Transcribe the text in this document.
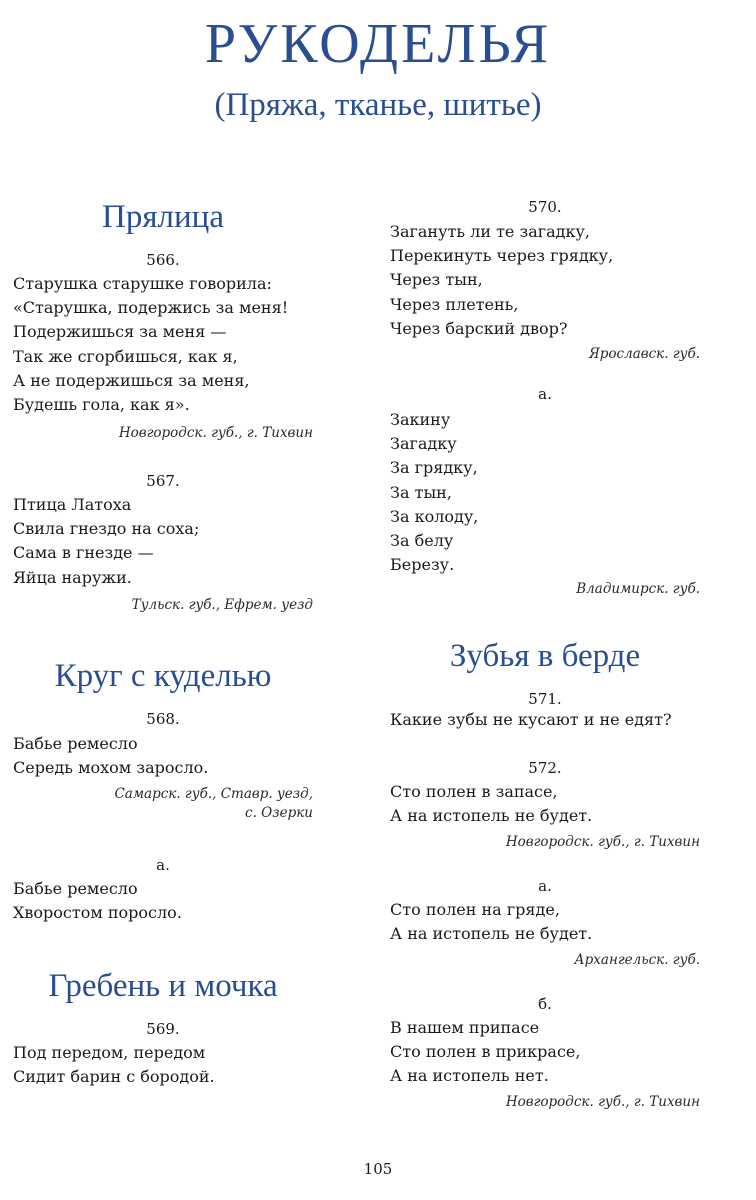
РУКОДЕЛЬЯ
(Пряжа, тканье, шитье)
Прялица
566.
Старушка старушке говорила:
«Старушка, подержись за меня!
Подержишься за меня —
Так же сгорбишься, как я,
А не подержишься за меня,
Будешь гола, как я».
Новгородск. губ., г. Тихвин
567.
Птица Латоха
Свила гнездо на соха;
Сама в гнезде —
Яйца наружи.
Тульск. губ., Ефрем. уезд
Круг с куделью
568.
Бабье ремесло
Середь мохом заросло.
Самарск. губ., Ставр. уезд,
с. Озерки
а.
Бабье ремесло
Хворостом поросло.
Гребень и мочка
569.
Под передом, передом
Сидит барин с бородой.
570.
Загануть ли те загадку,
Перекинуть через грядку,
Через тын,
Через плетень,
Через барский двор?
Ярославск. губ.
а.
Закину
Загадку
За грядку,
За тын,
За колоду,
За белу
Березу.
Владимирск. губ.
Зубья в берде
571.
Какие зубы не кусают и не едят?
572.
Сто полен в запасе,
А на истопель не будет.
Новгородск. губ., г. Тихвин
а.
Сто полен на гряде,
А на истопель не будет.
Архангельск. губ.
б.
В нашем припасе
Сто полен в прикрасе,
А на истопель нет.
Новгородск. губ., г. Тихвин
105
